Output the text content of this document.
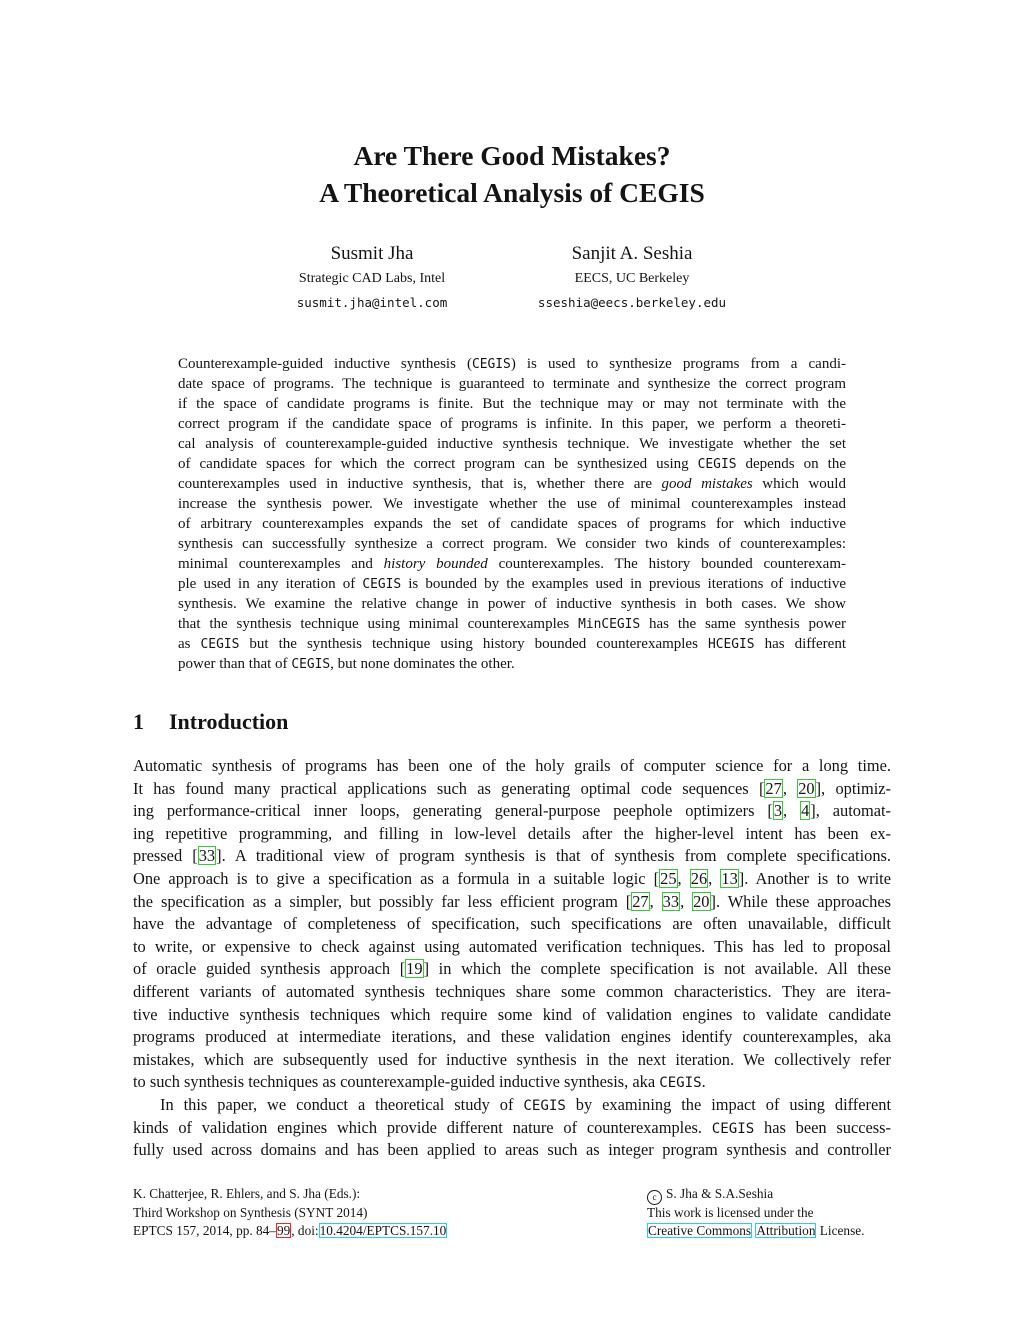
Are There Good Mistakes?
A Theoretical Analysis of CEGIS
Susmit Jha
Strategic CAD Labs, Intel
susmit.jha@intel.com
Sanjit A. Seshia
EECS, UC Berkeley
sseshia@eecs.berkeley.edu
Counterexample-guided inductive synthesis (CEGIS) is used to synthesize programs from a candi-
date space of programs. The technique is guaranteed to terminate and synthesize the correct program
if the space of candidate programs is finite. But the technique may or may not terminate with the
correct program if the candidate space of programs is infinite. In this paper, we perform a theoreti-
cal analysis of counterexample-guided inductive synthesis technique. We investigate whether the set
of candidate spaces for which the correct program can be synthesized using CEGIS depends on the
counterexamples used in inductive synthesis, that is, whether there are good mistakes which would
increase the synthesis power. We investigate whether the use of minimal counterexamples instead
of arbitrary counterexamples expands the set of candidate spaces of programs for which inductive
synthesis can successfully synthesize a correct program. We consider two kinds of counterexamples:
minimal counterexamples and history bounded counterexamples. The history bounded counterexam-
ple used in any iteration of CEGIS is bounded by the examples used in previous iterations of inductive
synthesis. We examine the relative change in power of inductive synthesis in both cases. We show
that the synthesis technique using minimal counterexamples MinCEGIS has the same synthesis power
as CEGIS but the synthesis technique using history bounded counterexamples HCEGIS has different
power than that of CEGIS, but none dominates the other.
1 Introduction
Automatic synthesis of programs has been one of the holy grails of computer science for a long time.
It has found many practical applications such as generating optimal code sequences [27, 20], optimiz-
ing performance-critical inner loops, generating general-purpose peephole optimizers [3, 4], automat-
ing repetitive programming, and filling in low-level details after the higher-level intent has been ex-
pressed [33]. A traditional view of program synthesis is that of synthesis from complete specifications.
One approach is to give a specification as a formula in a suitable logic [25, 26, 13]. Another is to write
the specification as a simpler, but possibly far less efficient program [27, 33, 20]. While these approaches
have the advantage of completeness of specification, such specifications are often unavailable, difficult
to write, or expensive to check against using automated verification techniques. This has led to proposal
of oracle guided synthesis approach [19] in which the complete specification is not available. All these
different variants of automated synthesis techniques share some common characteristics. They are itera-
tive inductive synthesis techniques which require some kind of validation engines to validate candidate
programs produced at intermediate iterations, and these validation engines identify counterexamples, aka
mistakes, which are subsequently used for inductive synthesis in the next iteration. We collectively refer
to such synthesis techniques as counterexample-guided inductive synthesis, aka CEGIS.
In this paper, we conduct a theoretical study of CEGIS by examining the impact of using different
kinds of validation engines which provide different nature of counterexamples. CEGIS has been success-
fully used across domains and has been applied to areas such as integer program synthesis and controller
K. Chatterjee, R. Ehlers, and S. Jha (Eds.):
Third Workshop on Synthesis (SYNT 2014)
EPTCS 157, 2014, pp. 84–99, doi:10.4204/EPTCS.157.10
c S. Jha & S.A.Seshia
This work is licensed under the
Creative Commons Attribution License.
